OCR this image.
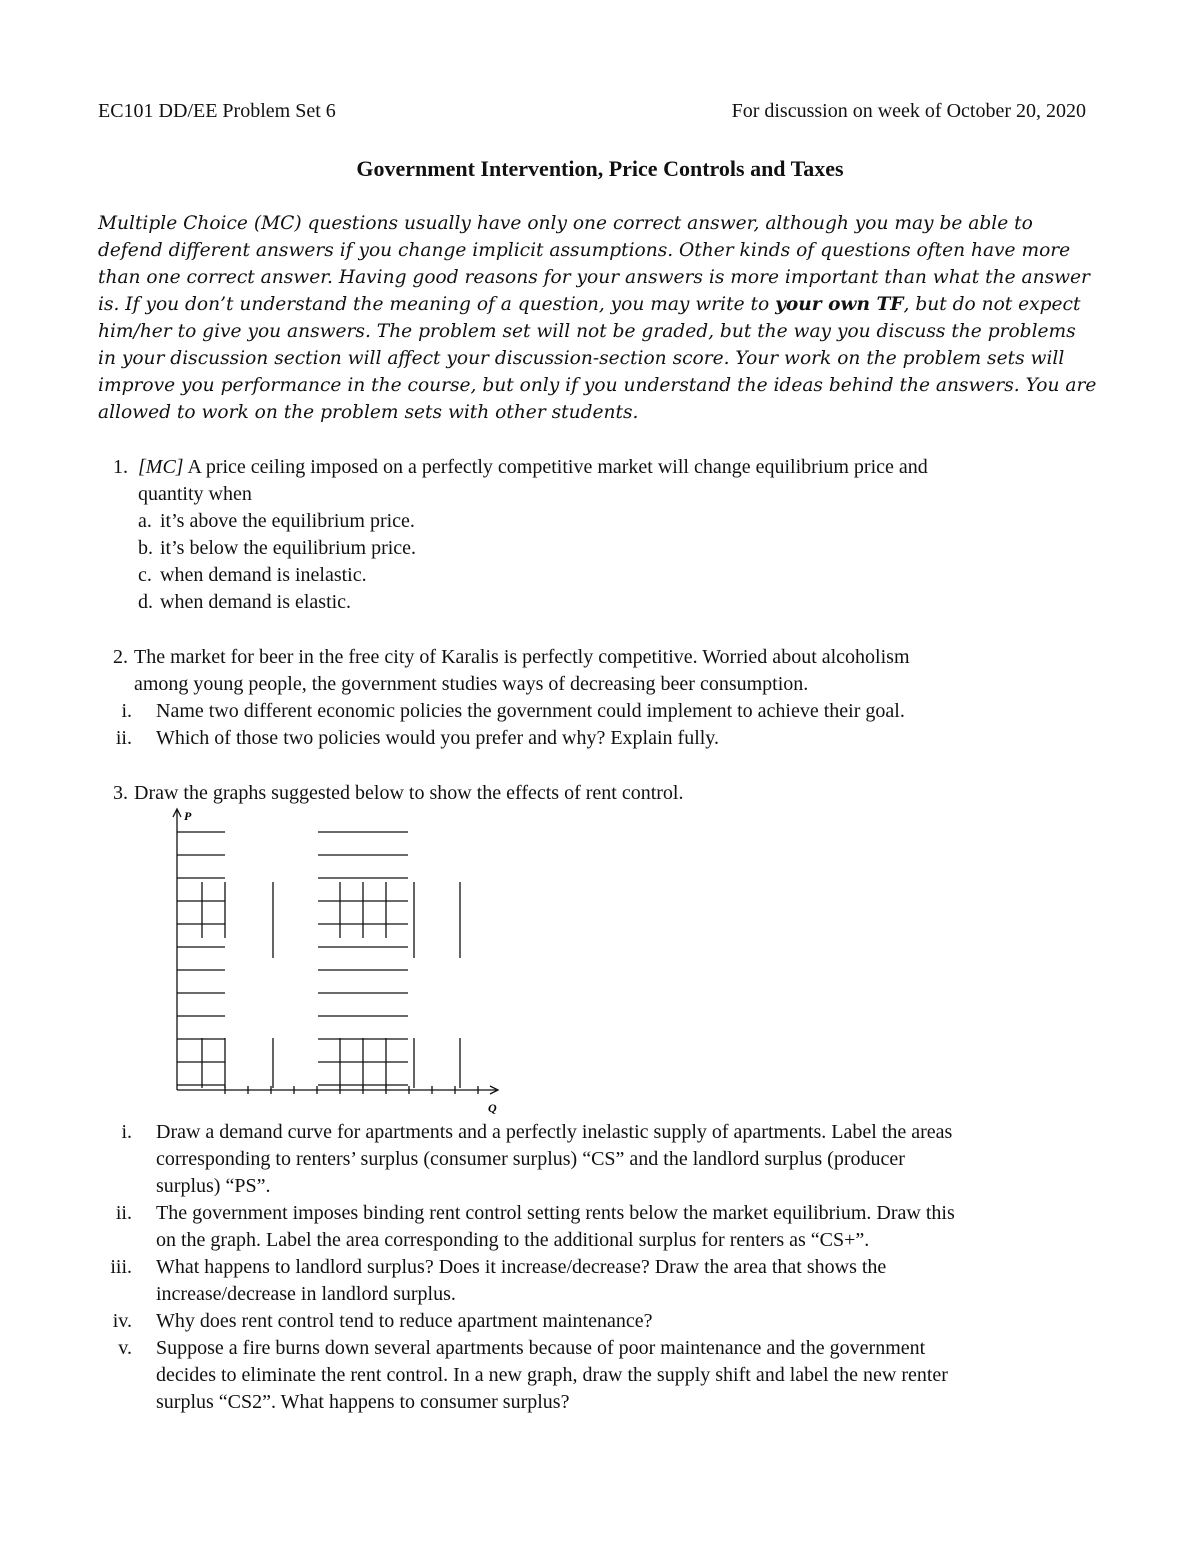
EC101 DD/EE Problem Set 6	For discussion on week of October 20, 2020
Government Intervention, Price Controls and Taxes
Multiple Choice (MC) questions usually have only one correct answer, although you may be able to defend different answers if you change implicit assumptions. Other kinds of questions often have more than one correct answer. Having good reasons for your answers is more important than what the answer is. If you don’t understand the meaning of a question, you may write to your own TF, but do not expect him/her to give you answers. The problem set will not be graded, but the way you discuss the problems in your discussion section will affect your discussion-section score. Your work on the problem sets will improve you performance in the course, but only if you understand the ideas behind the answers. You are allowed to work on the problem sets with other students.
1. [MC] A price ceiling imposed on a perfectly competitive market will change equilibrium price and
quantity when
a. it’s above the equilibrium price.
b. it’s below the equilibrium price.
c. when demand is inelastic.
d. when demand is elastic.
2. The market for beer in the free city of Karalis is perfectly competitive. Worried about alcoholism
among young people, the government studies ways of decreasing beer consumption.
i. Name two different economic policies the government could implement to achieve their goal.
ii. Which of those two policies would you prefer and why? Explain fully.
3. Draw the graphs suggested below to show the effects of rent control.
P
Q
i. Draw a demand curve for apartments and a perfectly inelastic supply of apartments. Label the areas
corresponding to renters’ surplus (consumer surplus) “CS” and the landlord surplus (producer
surplus) “PS”.
ii. The government imposes binding rent control setting rents below the market equilibrium. Draw this
on the graph. Label the area corresponding to the additional surplus for renters as “CS+”.
iii. What happens to landlord surplus? Does it increase/decrease? Draw the area that shows the
increase/decrease in landlord surplus.
iv. Why does rent control tend to reduce apartment maintenance?
v. Suppose a fire burns down several apartments because of poor maintenance and the government
decides to eliminate the rent control. In a new graph, draw the supply shift and label the new renter
surplus “CS2”. What happens to consumer surplus?
